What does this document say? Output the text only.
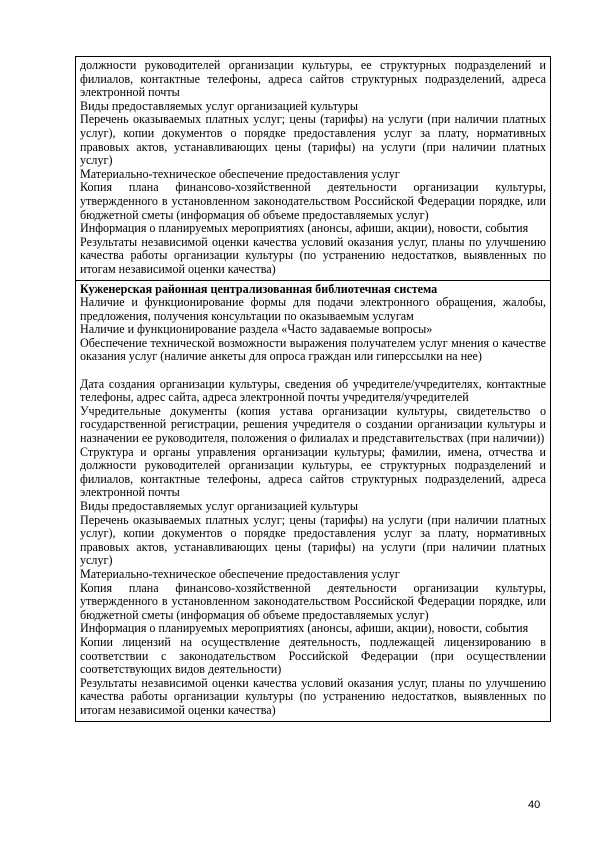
должности руководителей организации культуры, ее структурных подразделений и филиалов, контактные телефоны, адреса сайтов структурных подразделений, адреса электронной почты

Виды предоставляемых услуг организацией культуры

Перечень оказываемых платных услуг; цены (тарифы) на услуги (при наличии платных услуг), копии документов о порядке предоставления услуг за плату, нормативных правовых актов, устанавливающих цены (тарифы) на услуги (при наличии платных услуг)

Материально-техническое обеспечение предоставления услуг

Копия плана финансово-хозяйственной деятельности организации культуры, утвержденного в установленном законодательством Российской Федерации порядке, или бюджетной сметы (информация об объеме предоставляемых услуг)

Информация о планируемых мероприятиях (анонсы, афиши, акции), новости, события

Результаты независимой оценки качества условий оказания услуг, планы по улучшению качества работы организации культуры (по устранению недостатков, выявленных по итогам независимой оценки качества)

Куженерская районная централизованная библиотечная система

Наличие и функционирование формы для подачи электронного обращения, жалобы, предложения, получения консультации по оказываемым услугам

Наличие и функционирование раздела «Часто задаваемые вопросы»

Обеспечение технической возможности выражения получателем услуг мнения о качестве оказания услуг (наличие анкеты для опроса граждан или гиперссылки на нее)

Дата создания организации культуры, сведения об учредителе/учредителях, контактные телефоны, адрес сайта, адреса электронной почты учредителя/учредителей

Учредительные документы (копия устава организации культуры, свидетельство о государственной регистрации, решения учредителя о создании организации культуры и назначении ее руководителя, положения о филиалах и представительствах (при наличии))

Структура и органы управления организации культуры; фамилии, имена, отчества и должности руководителей организации культуры, ее структурных подразделений и филиалов, контактные телефоны, адреса сайтов структурных подразделений, адреса электронной почты

Виды предоставляемых услуг организацией культуры

Перечень оказываемых платных услуг; цены (тарифы) на услуги (при наличии платных услуг), копии документов о порядке предоставления услуг за плату, нормативных правовых актов, устанавливающих цены (тарифы) на услуги (при наличии платных услуг)

Материально-техническое обеспечение предоставления услуг

Копия плана финансово-хозяйственной деятельности организации культуры, утвержденного в установленном законодательством Российской Федерации порядке, или бюджетной сметы (информация об объеме предоставляемых услуг)

Информация о планируемых мероприятиях (анонсы, афиши, акции), новости, события

Копии лицензий на осуществление деятельность, подлежащей лицензированию в соответствии с законодательством Российской Федерации (при осуществлении соответствующих видов деятельности)

Результаты независимой оценки качества условий оказания услуг, планы по улучшению качества работы организации культуры (по устранению недостатков, выявленных по итогам независимой оценки качества)

40
